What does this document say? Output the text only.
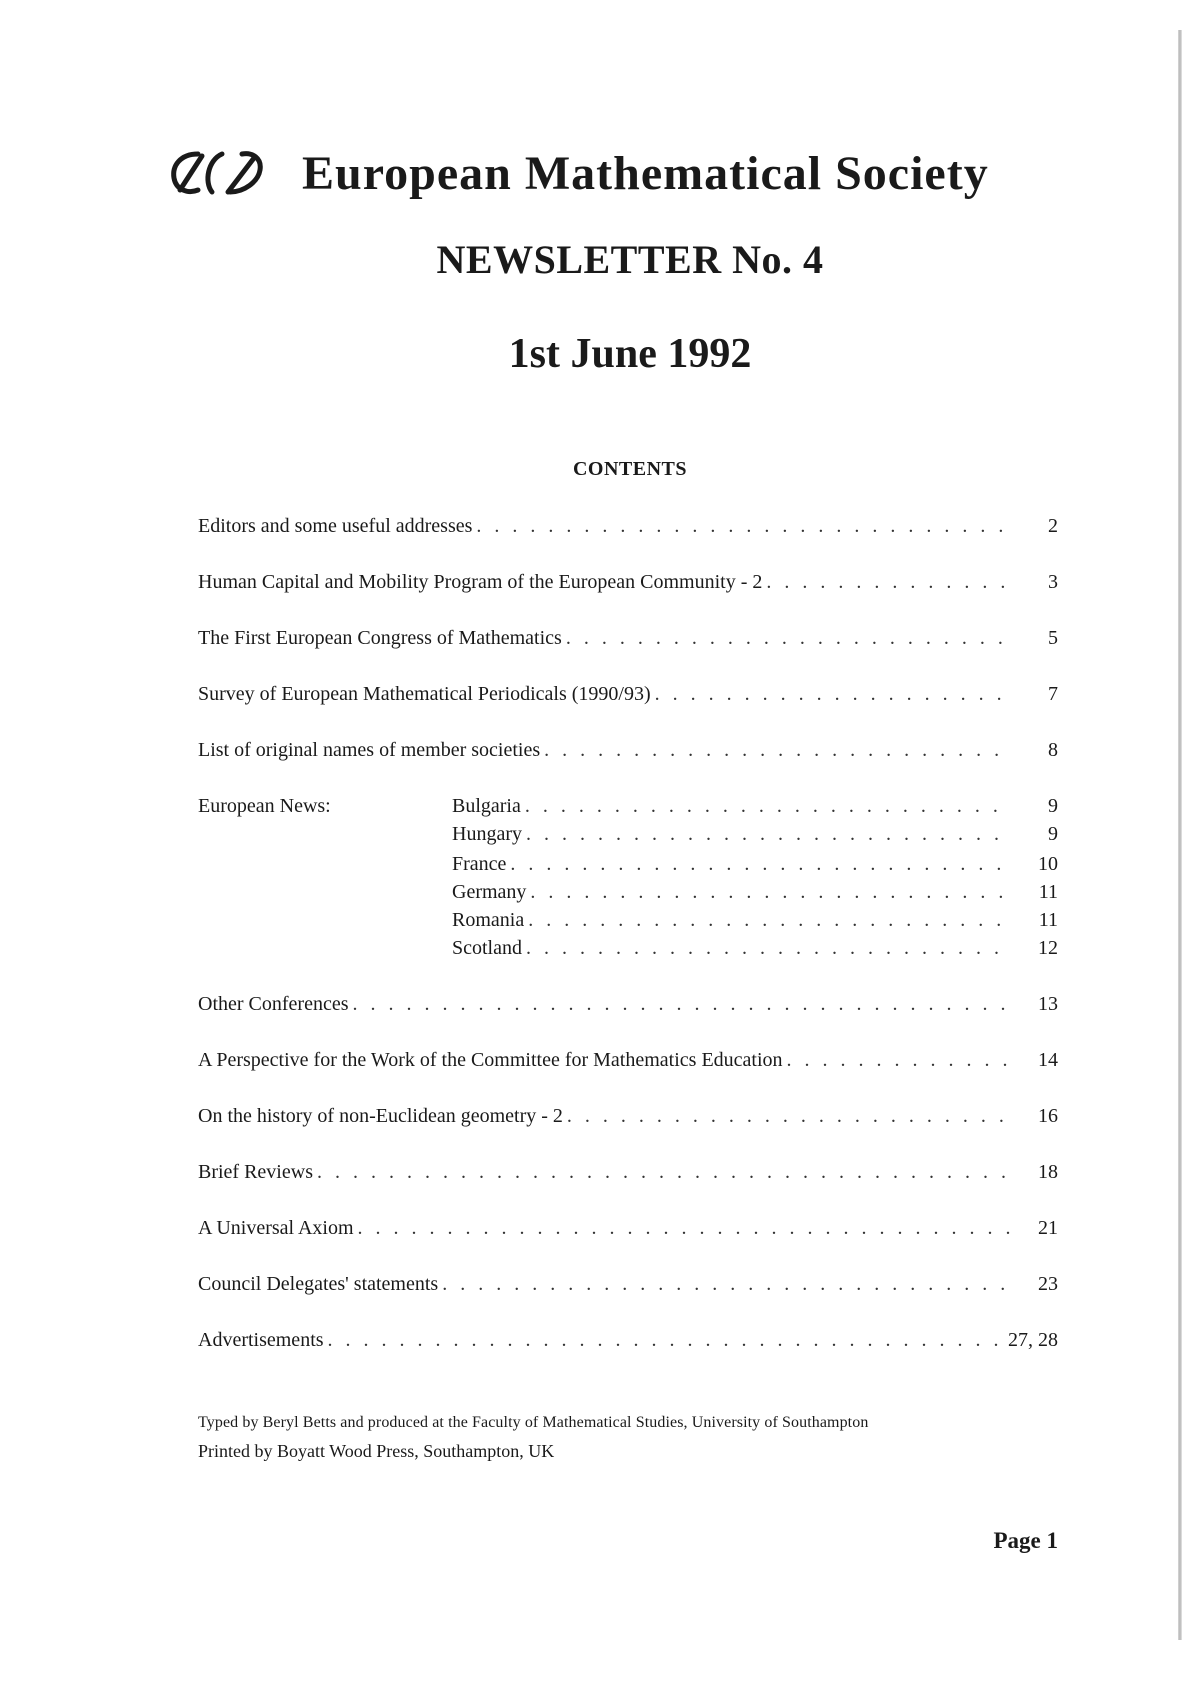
European Mathematical Society
NEWSLETTER No. 4
1st June 1992
CONTENTS
Editors and some useful addresses . . .	2
Human Capital and Mobility Program of the European Community - 2 . . .	3
The First European Congress of Mathematics . . .	5
Survey of European Mathematical Periodicals (1990/93) . . .	7
List of original names of member societies . . .	8
European News:	Bulgaria . . .	9
Hungary . . .	9
France . . .	10
Germany . . .	11
Romania . . .	11
Scotland . . .	12
Other Conferences . . .	13
A Perspective for the Work of the Committee for Mathematics Education . . .	14
On the history of non-Euclidean geometry - 2 . . .	16
Brief Reviews . . .	18
A Universal Axiom . . .	21
Council Delegates' statements . . .	23
Advertisements . . .	27, 28
Typed by Beryl Betts and produced at the Faculty of Mathematical Studies, University of Southampton
Printed by Boyatt Wood Press, Southampton, UK
Page 1
